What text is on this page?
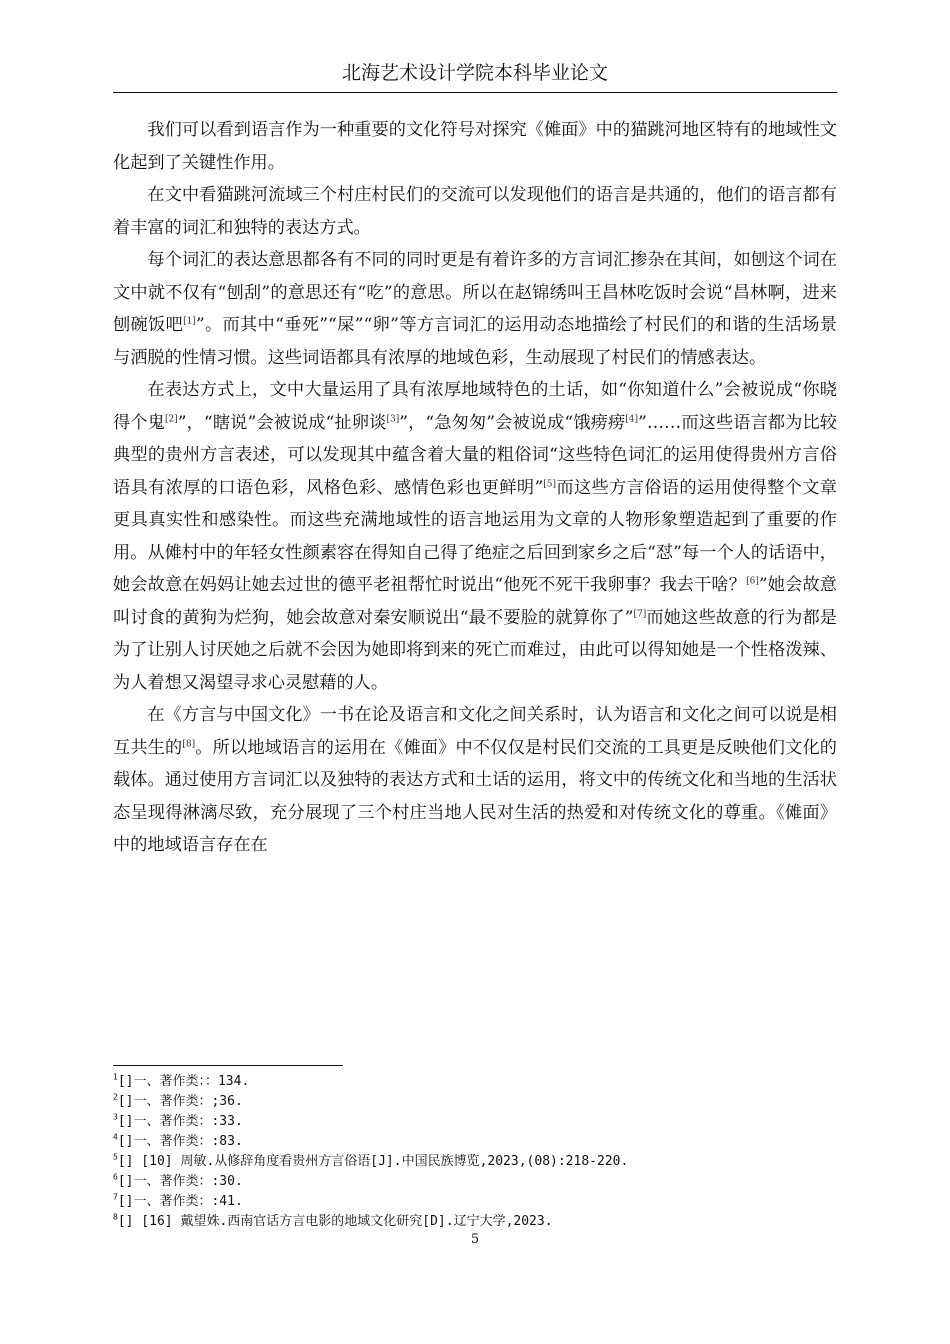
北海艺术设计学院本科毕业论文

我们可以看到语言作为一种重要的文化符号对探究《傩面》中的猫跳河地区特有的地域性文化起到了关键性作用。

在文中看猫跳河流域三个村庄村民们的交流可以发现他们的语言是共通的，他们的语言都有着丰富的词汇和独特的表达方式。

每个词汇的表达意思都各有不同的同时更是有着许多的方言词汇掺杂在其间，如刨这个词在文中就不仅有“刨刮”的意思还有“吃”的意思。所以在赵锦绣叫王昌林吃饭时会说“昌林啊，进来刨碗饭吧[1]”。而其中“垂死”“屎”“卵”等方言词汇的运用动态地描绘了村民们的和谐的生活场景与洒脱的性情习惯。这些词语都具有浓厚的地域色彩，生动展现了村民们的情感表达。

在表达方式上，文中大量运用了具有浓厚地域特色的土话，如“你知道什么”会被说成“你晓得个鬼[2]”，“瞎说”会被说成“扯卵谈[3]”，“急匆匆”会被说成“饿痨痨[4]”……而这些语言都为比较典型的贵州方言表述，可以发现其中蕴含着大量的粗俗词“这些特色词汇的运用使得贵州方言俗语具有浓厚的口语色彩，风格色彩、感情色彩也更鲜明”[5]而这些方言俗语的运用使得整个文章更具真实性和感染性。而这些充满地域性的语言地运用为文章的人物形象塑造起到了重要的作用。从傩村中的年轻女性颜素容在得知自己得了绝症之后回到家乡之后“怼”每一个人的话语中，她会故意在妈妈让她去过世的德平老祖帮忙时说出“他死不死干我卵事？我去干啥？[6]”她会故意叫讨食的黄狗为烂狗，她会故意对秦安顺说出“最不要脸的就算你了”[7]而她这些故意的行为都是为了让别人讨厌她之后就不会因为她即将到来的死亡而难过，由此可以得知她是一个性格泼辣、为人着想又渴望寻求心灵慰藉的人。

在《方言与中国文化》一书在论及语言和文化之间关系时，认为语言和文化之间可以说是相互共生的[8]。所以地域语言的运用在《傩面》中不仅仅是村民们交流的工具更是反映他们文化的载体。通过使用方言词汇以及独特的表达方式和土话的运用，将文中的传统文化和当地的生活状态呈现得淋漓尽致，充分展现了三个村庄当地人民对生活的热爱和对传统文化的尊重。《傩面》中的地域语言存在在

$^1$[]一、著作类：：134.
$^2$[]一、著作类：;36.
$^3$[]一、著作类：:33.
$^4$[]一、著作类：:83.
$^5$[] [10] 周敏.从修辞角度看贵州方言俗语[J].中国民族博览,2023,(08):218-220.
$^6$[]一、著作类：:30.
$^7$[]一、著作类：:41.
$^8$[] [16] 戴望姝.西南官话方言电影的地域文化研究[D].辽宁大学,2023.
5
